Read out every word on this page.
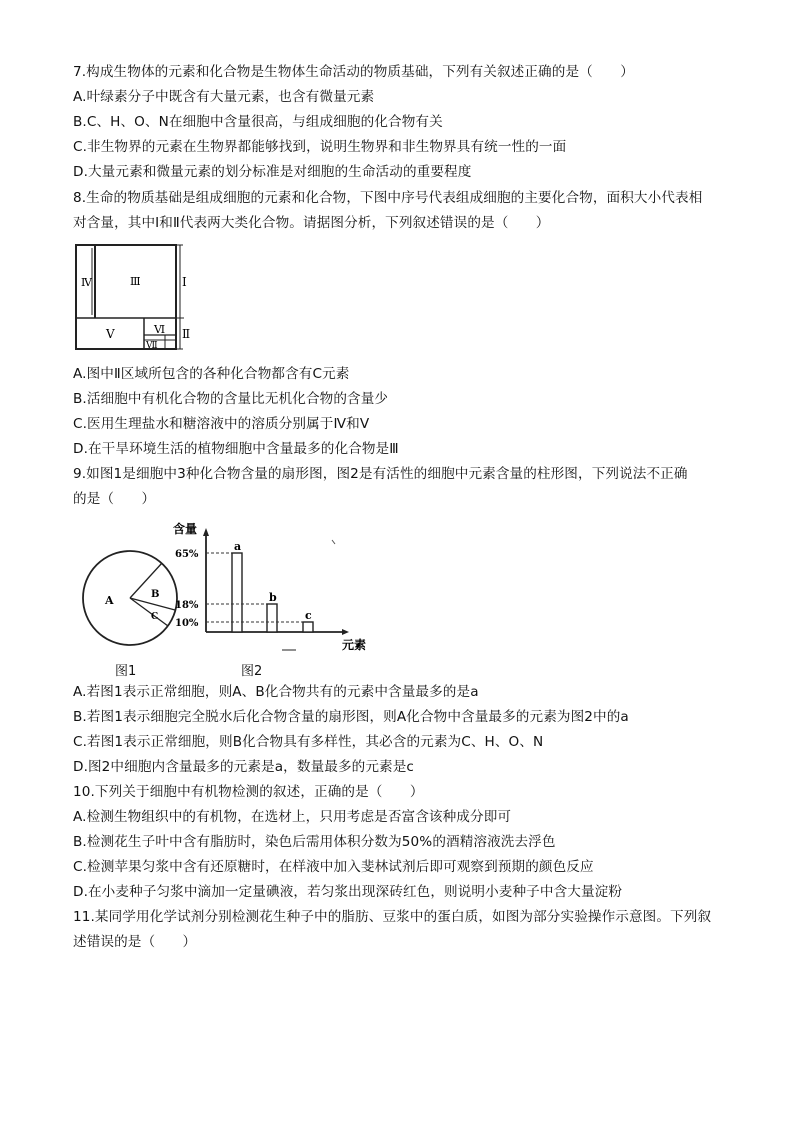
7.构成生物体的元素和化合物是生物体生命活动的物质基础，下列有关叙述正确的是（　　）
A.叶绿素分子中既含有大量元素，也含有微量元素
B.C、H、O、N在细胞中含量很高，与组成细胞的化合物有关
C.非生物界的元素在生物界都能够找到，说明生物界和非生物界具有统一性的一面
D.大量元素和微量元素的划分标准是对细胞的生命活动的重要程度
8.生命的物质基础是组成细胞的元素和化合物，下图中序号代表组成细胞的主要化合物，面积大小代表相
对含量，其中Ⅰ和Ⅱ代表两大类化合物。请据图分析，下列叙述错误的是（　　）
Ⅳ	Ⅲ	Ⅰ
Ⅴ	Ⅵ
Ⅶ
Ⅱ
A.图中Ⅱ区域所包含的各种化合物都含有C元素
B.活细胞中有机化合物的含量比无机化合物的含量少
C.医用生理盐水和糖溶液中的溶质分别属于Ⅳ和Ⅴ
D.在干旱环境生活的植物细胞中含量最多的化合物是Ⅲ
9.如图1是细胞中3种化合物含量的扇形图，图2是有活性的细胞中元素含量的柱形图，下列说法不正确
的是（　　）
A	B
C
65%
a
18%
b
10%
c
含量
元素
图1	图2
A.若图1表示正常细胞，则A、B化合物共有的元素中含量最多的是a
B.若图1表示细胞完全脱水后化合物含量的扇形图，则A化合物中含量最多的元素为图2中的a
C.若图1表示正常细胞，则B化合物具有多样性，其必含的元素为C、H、O、N
D.图2中细胞内含量最多的元素是a，数量最多的元素是c
10.下列关于细胞中有机物检测的叙述，正确的是（　　）
A.检测生物组织中的有机物，在选材上，只用考虑是否富含该种成分即可
B.检测花生子叶中含有脂肪时，染色后需用体积分数为50%的酒精溶液洗去浮色
C.检测苹果匀浆中含有还原糖时，在样液中加入斐林试剂后即可观察到预期的颜色反应
D.在小麦种子匀浆中滴加一定量碘液，若匀浆出现深砖红色，则说明小麦种子中含大量淀粉
11.某同学用化学试剂分别检测花生种子中的脂肪、豆浆中的蛋白质，如图为部分实验操作示意图。下列叙
述错误的是（　　）
